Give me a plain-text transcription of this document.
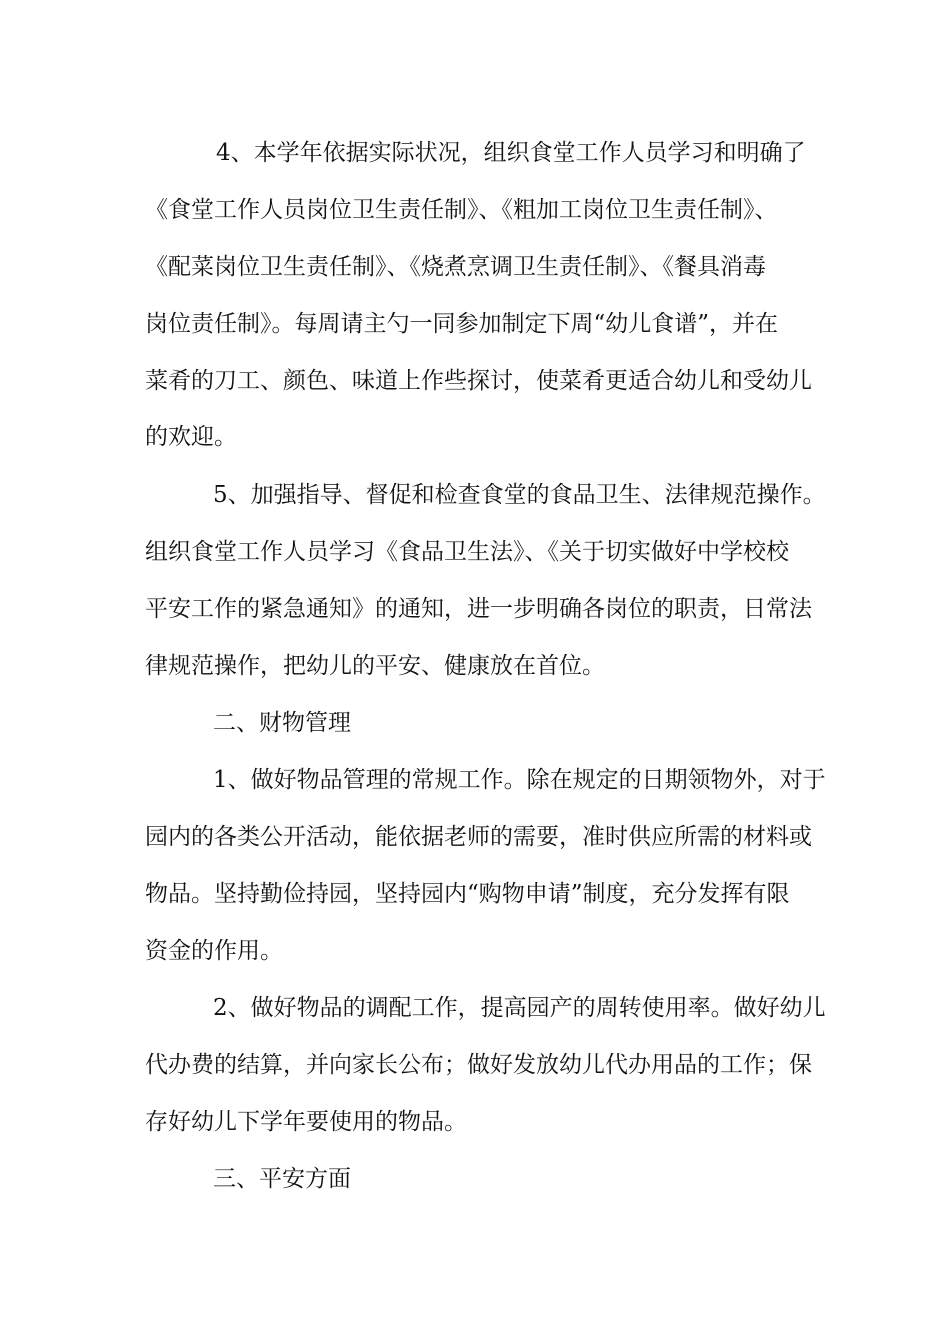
4、本学年依据实际状况，组织食堂工作人员学习和明确了
《食堂工作人员岗位卫生责任制》、《粗加工岗位卫生责任制》、
《配菜岗位卫生责任制》、《烧煮烹调卫生责任制》、《餐具消毒
岗位责任制》。每周请主勺一同参加制定下周“幼儿食谱”，并在
菜肴的刀工、颜色、味道上作些探讨，使菜肴更适合幼儿和受幼儿
的欢迎。
5、加强指导、督促和检查食堂的食品卫生、法律规范操作。
组织食堂工作人员学习《食品卫生法》、《关于切实做好中学校校
平安工作的紧急通知》的通知，进一步明确各岗位的职责，日常法
律规范操作，把幼儿的平安、健康放在首位。
二、财物管理
1、做好物品管理的常规工作。除在规定的日期领物外，对于
园内的各类公开活动，能依据老师的需要，准时供应所需的材料或
物品。坚持勤俭持园，坚持园内“购物申请”制度，充分发挥有限
资金的作用。
2、做好物品的调配工作，提高园产的周转使用率。做好幼儿
代办费的结算，并向家长公布；做好发放幼儿代办用品的工作；保
存好幼儿下学年要使用的物品。
三、平安方面
